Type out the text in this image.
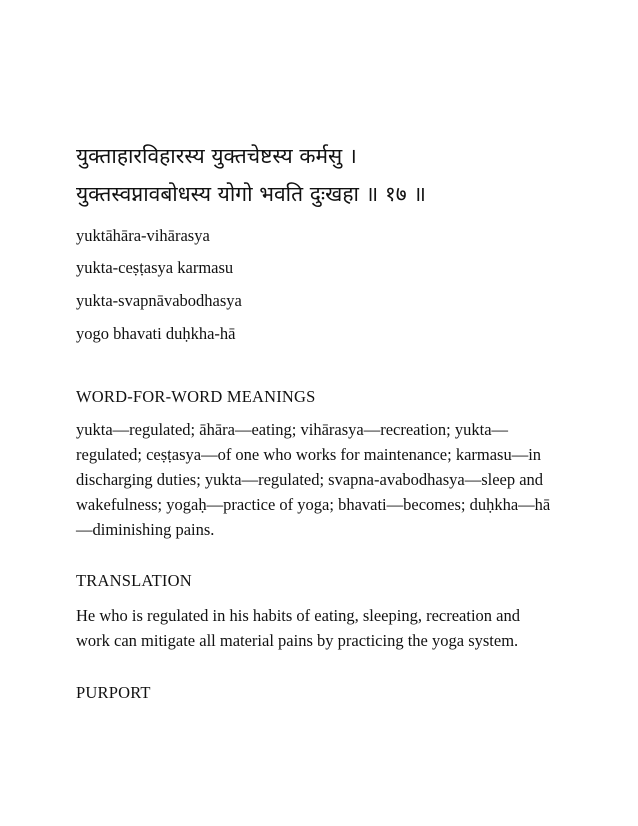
युक्ताहारविहारस्य युक्तचेष्टस्य कर्मसु ।
युक्तस्वप्नावबोधस्य योगो भवति दुःखहा ॥ १७ ॥
yuktāhāra-vihārasya
yukta-ceṣṭasya karmasu
yukta-svapnāvabodhasya
yogo bhavati duḥkha-hā
WORD-FOR-WORD MEANINGS
yukta—regulated; āhāra—eating; vihārasya—recreation; yukta—regulated; ceṣṭasya—of one who works for maintenance; karmasu—in discharging duties; yukta—regulated; svapna-avabodhasya—sleep and wakefulness; yogaḥ—practice of yoga; bhavati—becomes; duḥkha—hā—diminishing pains.
TRANSLATION
He who is regulated in his habits of eating, sleeping, recreation and work can mitigate all material pains by practicing the yoga system.
PURPORT
